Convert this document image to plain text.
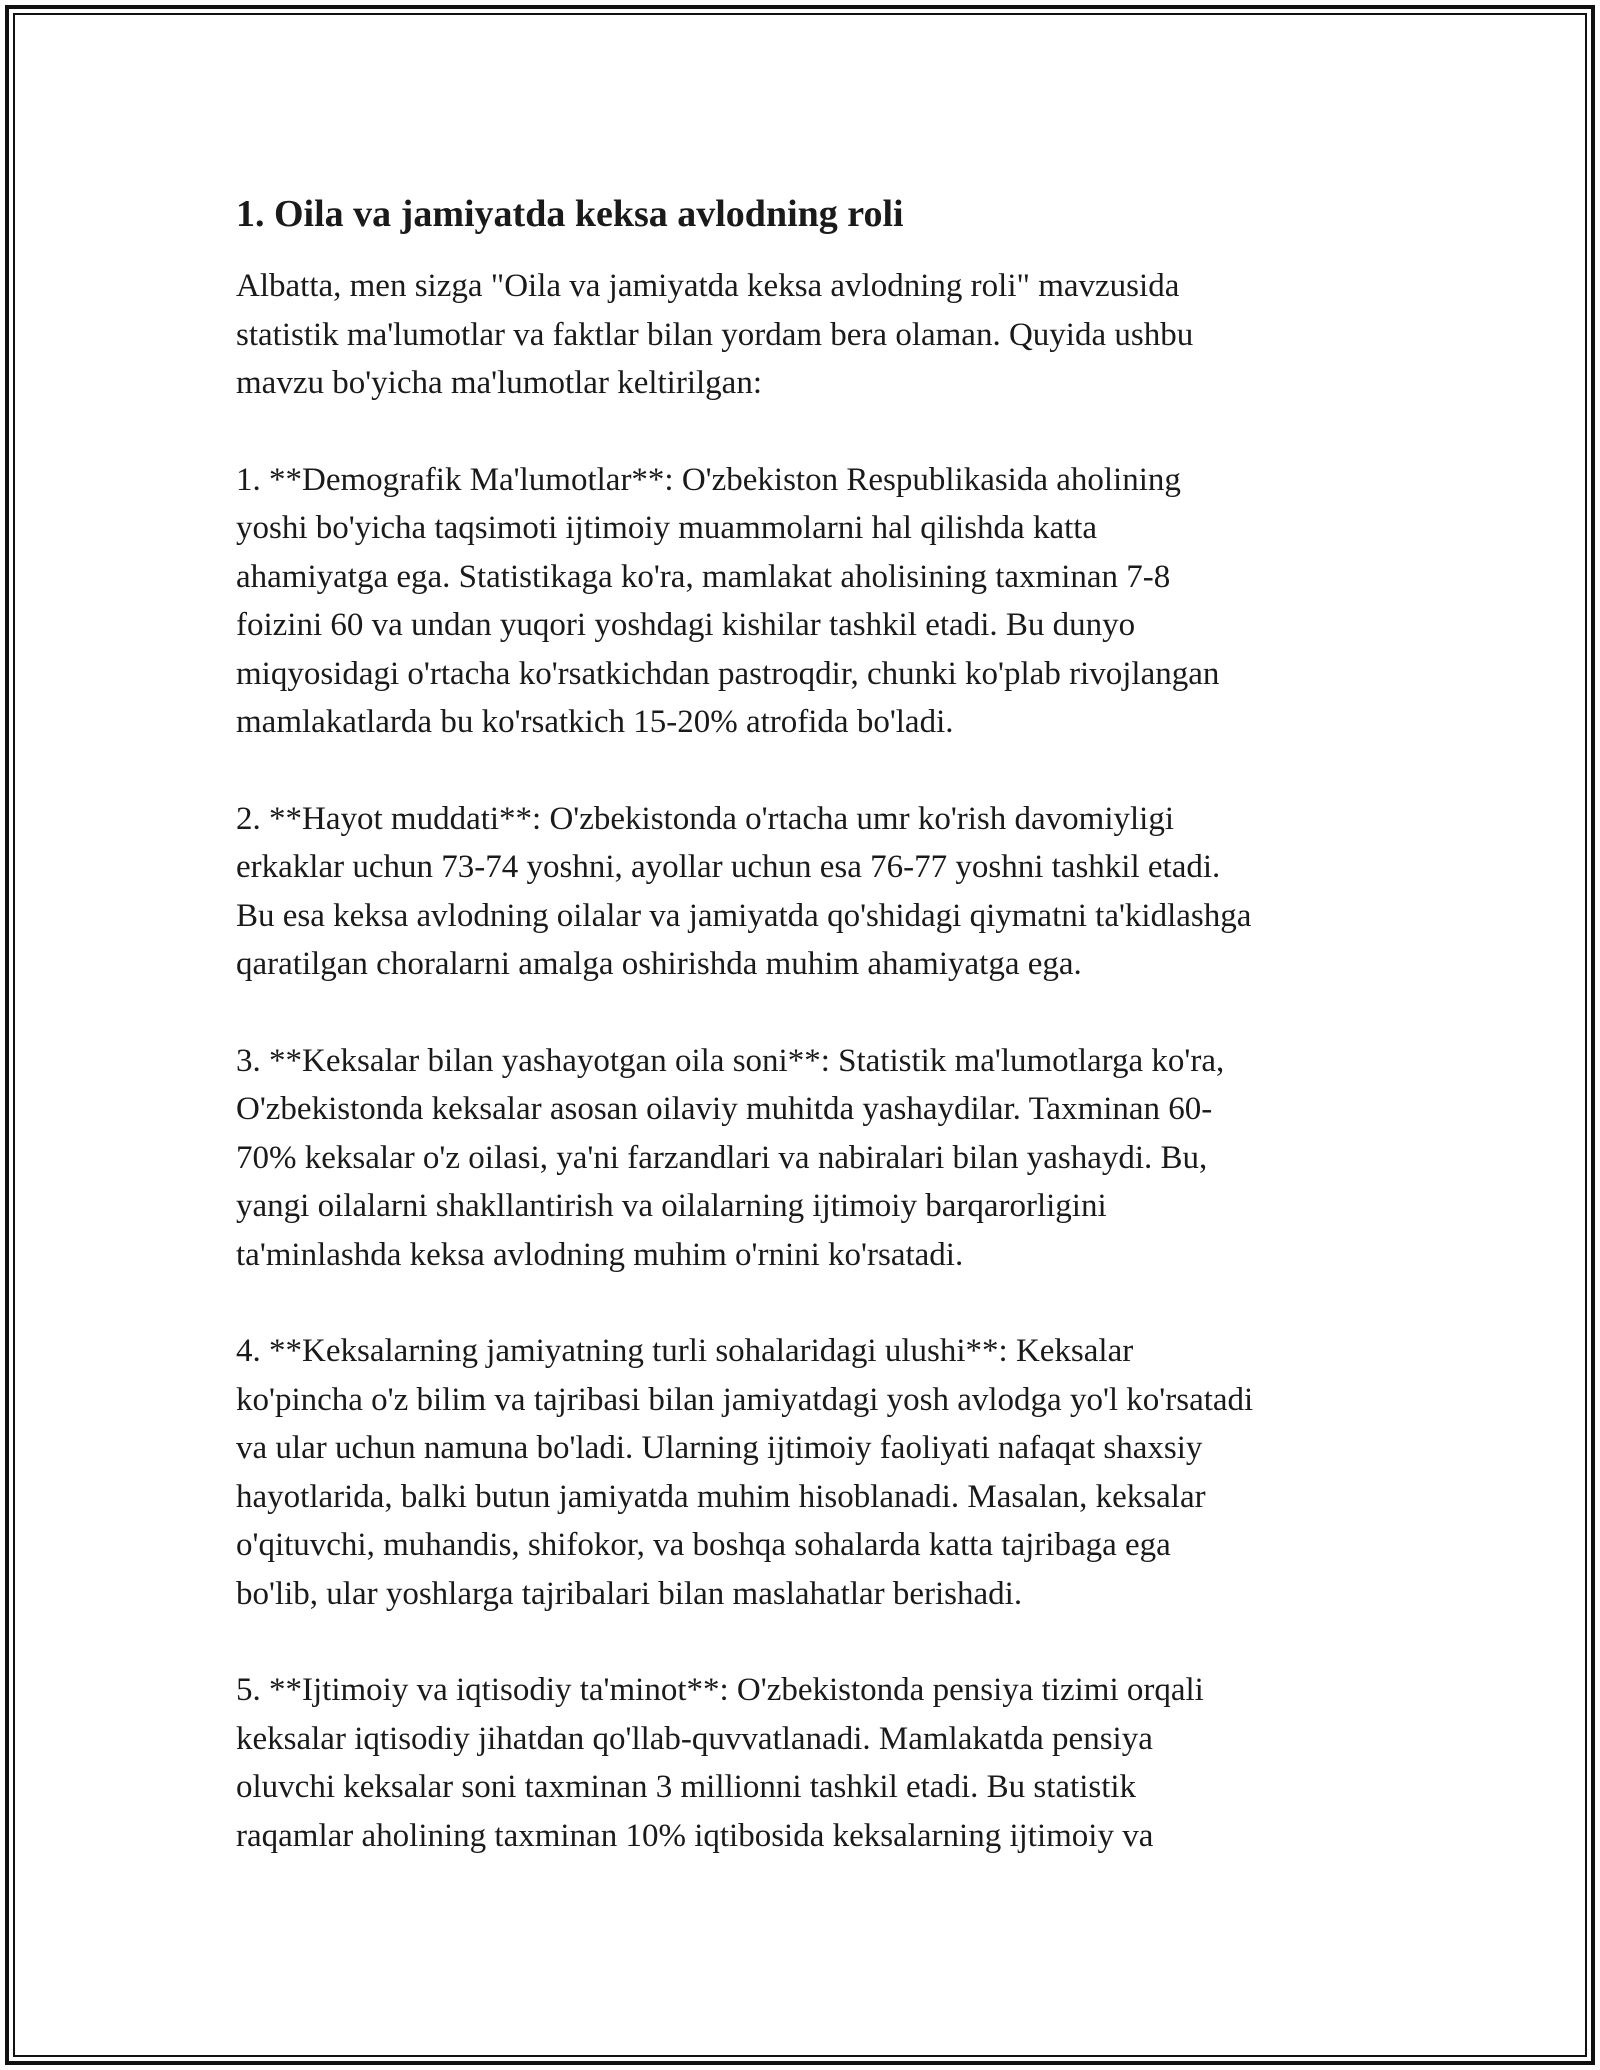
1. Oila va jamiyatda keksa avlodning roli

Albatta, men sizga "Oila va jamiyatda keksa avlodning roli" mavzusida
statistik ma'lumotlar va faktlar bilan yordam bera olaman. Quyida ushbu
mavzu bo'yicha ma'lumotlar keltirilgan:

1. **Demografik Ma'lumotlar**: O'zbekiston Respublikasida aholining
yoshi bo'yicha taqsimoti ijtimoiy muammolarni hal qilishda katta
ahamiyatga ega. Statistikaga ko'ra, mamlakat aholisining taxminan 7-8
foizini 60 va undan yuqori yoshdagi kishilar tashkil etadi. Bu dunyo
miqyosidagi o'rtacha ko'rsatkichdan pastroqdir, chunki ko'plab rivojlangan
mamlakatlarda bu ko'rsatkich 15-20% atrofida bo'ladi.

2. **Hayot muddati**: O'zbekistonda o'rtacha umr ko'rish davomiyligi
erkaklar uchun 73-74 yoshni, ayollar uchun esa 76-77 yoshni tashkil etadi.
Bu esa keksa avlodning oilalar va jamiyatda qo'shidagi qiymatni ta'kidlashga
qaratilgan choralarni amalga oshirishda muhim ahamiyatga ega.

3. **Keksalar bilan yashayotgan oila soni**: Statistik ma'lumotlarga ko'ra,
O'zbekistonda keksalar asosan oilaviy muhitda yashaydilar. Taxminan 60-
70% keksalar o'z oilasi, ya'ni farzandlari va nabiralari bilan yashaydi. Bu,
yangi oilalarni shakllantirish va oilalarning ijtimoiy barqarorligini
ta'minlashda keksa avlodning muhim o'rnini ko'rsatadi.

4. **Keksalarning jamiyatning turli sohalaridagi ulushi**: Keksalar
ko'pincha o'z bilim va tajribasi bilan jamiyatdagi yosh avlodga yo'l ko'rsatadi
va ular uchun namuna bo'ladi. Ularning ijtimoiy faoliyati nafaqat shaxsiy
hayotlarida, balki butun jamiyatda muhim hisoblanadi. Masalan, keksalar
o'qituvchi, muhandis, shifokor, va boshqa sohalarda katta tajribaga ega
bo'lib, ular yoshlarga tajribalari bilan maslahatlar berishadi.

5. **Ijtimoiy va iqtisodiy ta'minot**: O'zbekistonda pensiya tizimi orqali
keksalar iqtisodiy jihatdan qo'llab-quvvatlanadi. Mamlakatda pensiya
oluvchi keksalar soni taxminan 3 millionni tashkil etadi. Bu statistik
raqamlar aholining taxminan 10% iqtibosida keksalarning ijtimoiy va
